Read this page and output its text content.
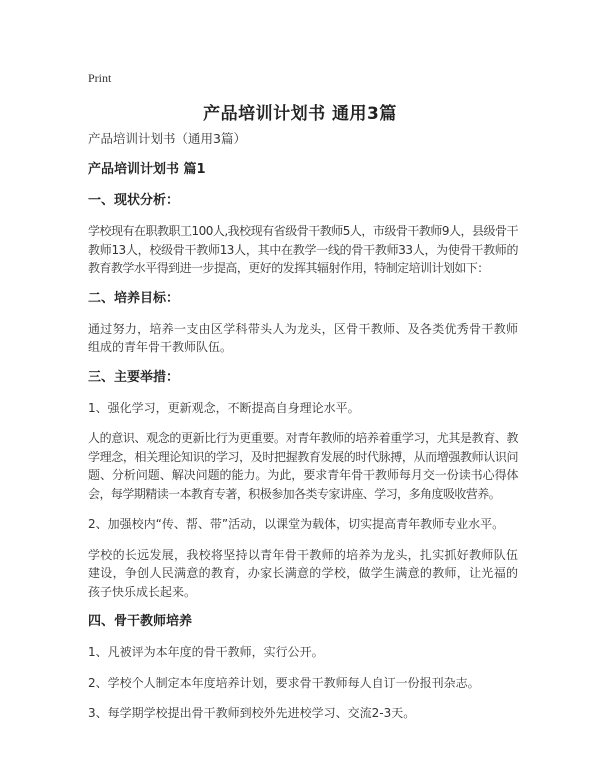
Print
产品培训计划书 通用3篇
产品培训计划书（通用3篇）
产品培训计划书 篇1
一、现状分析：

学校现有在职教职工100人,我校现有省级骨干教师5人，市级骨干教师9人，县级骨干教师13人，校级骨干教师13人，其中在教学一线的骨干教师33人，为使骨干教师的教育教学水平得到进一步提高，更好的发挥其辐射作用，特制定培训计划如下：

二、培养目标：

通过努力，培养一支由区学科带头人为龙头，区骨干教师、及各类优秀骨干教师组成的青年骨干教师队伍。

三、主要举措：

1、强化学习，更新观念，不断提高自身理论水平。

人的意识、观念的更新比行为更重要。对青年教师的培养着重学习，尤其是教育、教学理念，相关理论知识的学习，及时把握教育发展的时代脉搏，从而增强教师认识问题、分析问题、解决问题的能力。为此，要求青年骨干教师每月交一份读书心得体会，每学期精读一本教育专著，积极参加各类专家讲座、学习，多角度吸收营养。

2、加强校内“传、帮、带”活动，以课堂为载体，切实提高青年教师专业水平。

学校的长远发展，我校将坚持以青年骨干教师的培养为龙头，扎实抓好教师队伍建设，争创人民满意的教育，办家长满意的学校，做学生满意的教师，让光福的孩子快乐成长起来。

四、骨干教师培养

1、凡被评为本年度的骨干教师，实行公开。

2、学校个人制定本年度培养计划，要求骨干教师每人自订一份报刊杂志。

3、每学期学校提出骨干教师到校外先进校学习、交流2-3天。
